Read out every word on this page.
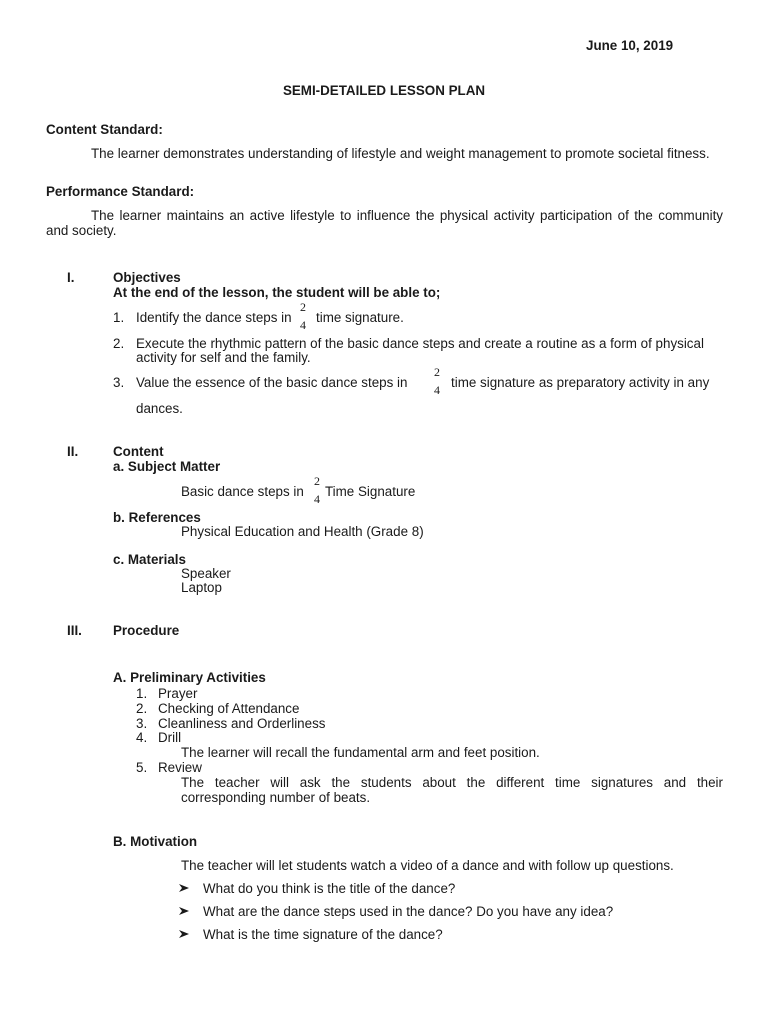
June 10, 2019
SEMI-DETAILED LESSON PLAN
Content Standard:
The learner demonstrates understanding of lifestyle and weight management to promote societal fitness.
Performance Standard:
The learner maintains an active lifestyle to influence the physical activity participation of the community and society.
I.	Objectives
At the end of the lesson, the student will be able to;
1. Identify the dance steps in
2
4 time signature.
2. Execute the rhythmic pattern of the basic dance steps and create a routine as a form of physical
activity for self and the family.
3. Value the essence of the basic dance steps in
2
4 time signature as preparatory activity in any
dances.
II.	Content
a. Subject Matter
Basic dance steps in
2
4 Time Signature
b. References
Physical Education and Health (Grade 8)
c. Materials
Speaker
Laptop
III. Procedure
A. Preliminary Activities
1. Prayer
2. Checking of Attendance
3. Cleanliness and Orderliness
4. Drill
The learner will recall the fundamental arm and feet position.
5. Review
The teacher will ask the students about the different time signatures and their corresponding number of beats.
B. Motivation
The teacher will let students watch a video of a dance and with follow up questions.
What do you think is the title of the dance?
What are the dance steps used in the dance? Do you have any idea?
What is the time signature of the dance?
